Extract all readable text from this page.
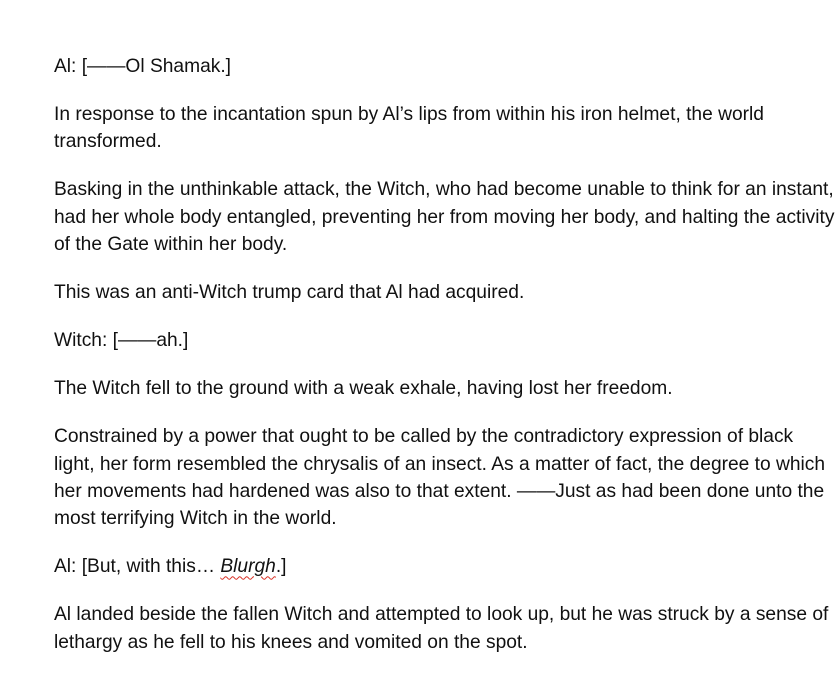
Al: [——Ol Shamak.]

In response to the incantation spun by Al’s lips from within his iron helmet, the world transformed.

Basking in the unthinkable attack, the Witch, who had become unable to think for an instant, had her whole body entangled, preventing her from moving her body, and halting the activity of the Gate within her body.

This was an anti-Witch trump card that Al had acquired.

Witch: [——ah.]

The Witch fell to the ground with a weak exhale, having lost her freedom.

Constrained by a power that ought to be called by the contradictory expression of black light, her form resembled the chrysalis of an insect. As a matter of fact, the degree to which her movements had hardened was also to that extent. ——Just as had been done unto the most terrifying Witch in the world.

Al: [But, with this… Blurgh.]

Al landed beside the fallen Witch and attempted to look up, but he was struck by a sense of lethargy as he fell to his knees and vomited on the spot.
